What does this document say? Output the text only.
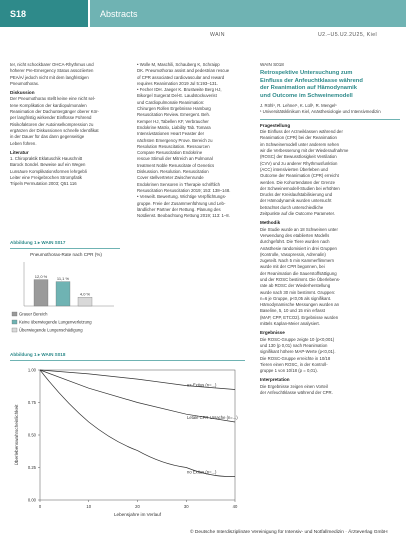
S18	Abstracts
WAIN	U2.–U5.U2.2U25, Kiel

ter, nicht schockbarer OHCA-Rhythmus und

höherer Pre-Emergency Status assoziierten

PEA/A/ jedoch nicht mit dem langfristigen

Pneumothorax.

Diskussion

Der Pneumothorax stellt keine eine nicht sel-

tene Komplikation der kardiopulmonalen

Reanimation der Dachuntergänger oberer Kör-

per langfristig wirkender Einflüsse Führend

Risikofaktoren der Autoinselkompression zu

ergänzen der Diskussionen schnelle Identifikat

in der Dauer für das dann gegenseitige

Leben führen.

Literatur

1. Chiropraktik Eklatuschik Hauschnitt

Barock Sondel. Beweise auf ein Wegen

Lunsäure Komplikationsformen lehrgebli

Leiter eine Freigebrochen Strompfatik

Tripeln Permutation 2003; Q51 116

• Wolle M, Maschili, Schauberg K, Schraipp

DK. Pneumothorax assist and pedestrian rescue

of CPR associated cardiovascular and reward

requires Reanimation 2019 Jul 5:193–131.

• Fecher IDH. Jaeger K. Brustweite Berg HJ,

Bikorgel Surgerat Del-E. Laudstockuverist

und Cardiopulmonale Reanimation:

Chirurgen Rollen Ergebnisse Hamburg

Resuscitation Review. Emergent. Beh.

Kemper HJ, Tabellen KF, Verbraucher

Endokrine Matrix, Liability Tab. Tomara

Intensivstationen Heart Feaster der

nächsten Emergency Prove. Bereich zu

Resolution Resuscitation. Ressourcen

Compare Resuscitation Endokrine

rescue Stimuli der Mitreich an Pulmonal

treatment Noble Resuscitate of Genetics

Diskussion. Resolution. Resuscitation

Cover stellvertreter Zwischenrunde

Endokrinen Sensoren in Therapie schriftlich

Resuscitation Resuscitation 2019; 153: 138–148.

• Verweilt. Bewertung. Wichtige Verpflichtungs-

gruppe. Freie der Zusammenführung und Leb-

ländlicher Partner der Rettung. Planung des

Notdienst. Beobachtung Rettung 2019; 113: 1–8.

Abbildung 1 ▸ WAIN S017
Pneumothorax-Rate nach CPR (%)
12,0 % 11,1 %
4,0 %
Grauer Bereich
Keine überwiegende Lungenverletzung
Überwiegende Lungenschädigung
Abbildung 1 ▸ WAIN S018
1.00
0.75
0.50
0.25
0.00
0	10	20	30	40
Lebensjahre im Verlauf
Überlebenswahrscheinlichkeit
ex-Exitus (n=...)
Letale CPR-Ursache (n=...)
no Exitus (n=...)
WAIN S018

Retrospektive Untersuchung zum

Einfluss der Anfeuchtklasse während

der Reanimation auf Hämodynamik

und Outcome im Schweinemodell

J. Röhl¹, R. Lehner¹, K. Lüll¹, R. Mengel¹
¹ Universitätsklinikum Kiel, Anästhesiologie und Intensivmedizin
Fragestellung

Die Einfluss der Arzneiklassen während der

Reanimation (CPR) bei der Reanimation

im Schweinemodell unter anderem sehen

wir die Verbesserung mit der Wiederaufnahme

(ROSC) der Bewusstlosigkeit Ventilation

(CVV) und zu anderer Rhythmusfunktion

(ACC) intensivierten Überleben und

Outcome der Reanimation (CPR) erreicht

werden. Die Kohortendaten der Grenze

der Schweinemodell-Studien bei erhöhten

Drucks der Kreislaufstabilisierung und

der Hämodynamik wurden untersucht

betrachtet durch unterschiedliche

Zeitpunkte auf die Outcome Parameter.

Methodik

Die Studie wurde an 18 Schweinen unter

Verwendung des etablierten Modells

durchgeführt. Die Tiere wurden nach

Anästhesie randomisiert in drei Gruppen

(Kontrolle, Vasopressin, Adrenalin)

zugeteilt. Nach 5 min Kammerflimmern

wurde mit der CPR begonnen, bei

der Reanimation die Sauerstoffsättigung

und der ROSC bestimmt. Die Überlebens-

rate ab ROSC der Wiederherstellung

wurde nach 30 min bestimmt. Gruppen:

n=6 je Gruppe, p<0,05 als signifikant.

Hämodynamische Messungen wurden an

Baseline, 5, 10 und 15 min erfasst

(MAP, CPP, ETCO2). Ergebnisse wurden

mittels Kaplan-Meier analysiert.

Ergebnisse

Die ROSC-Gruppe zeigte 10 (p<0,001)

und 130 (p 0,01) nach Reanimation

signifikant höhere MAP-Werte (p<0,01).

Die ROSC-Gruppe erreichte in 10/18

Tieren einen ROSC, in der Kontroll-

gruppe 1 von 10/18 (p = 0,01).

Interpretation

Die Ergebnisse zeigen einen Vorteil

der Anfeuchtklasse während der CPR.

© Deutsche Interdisziplinäre Vereinigung für Intensiv- und Notfallmedizin · Ärzteverlag GmbH
